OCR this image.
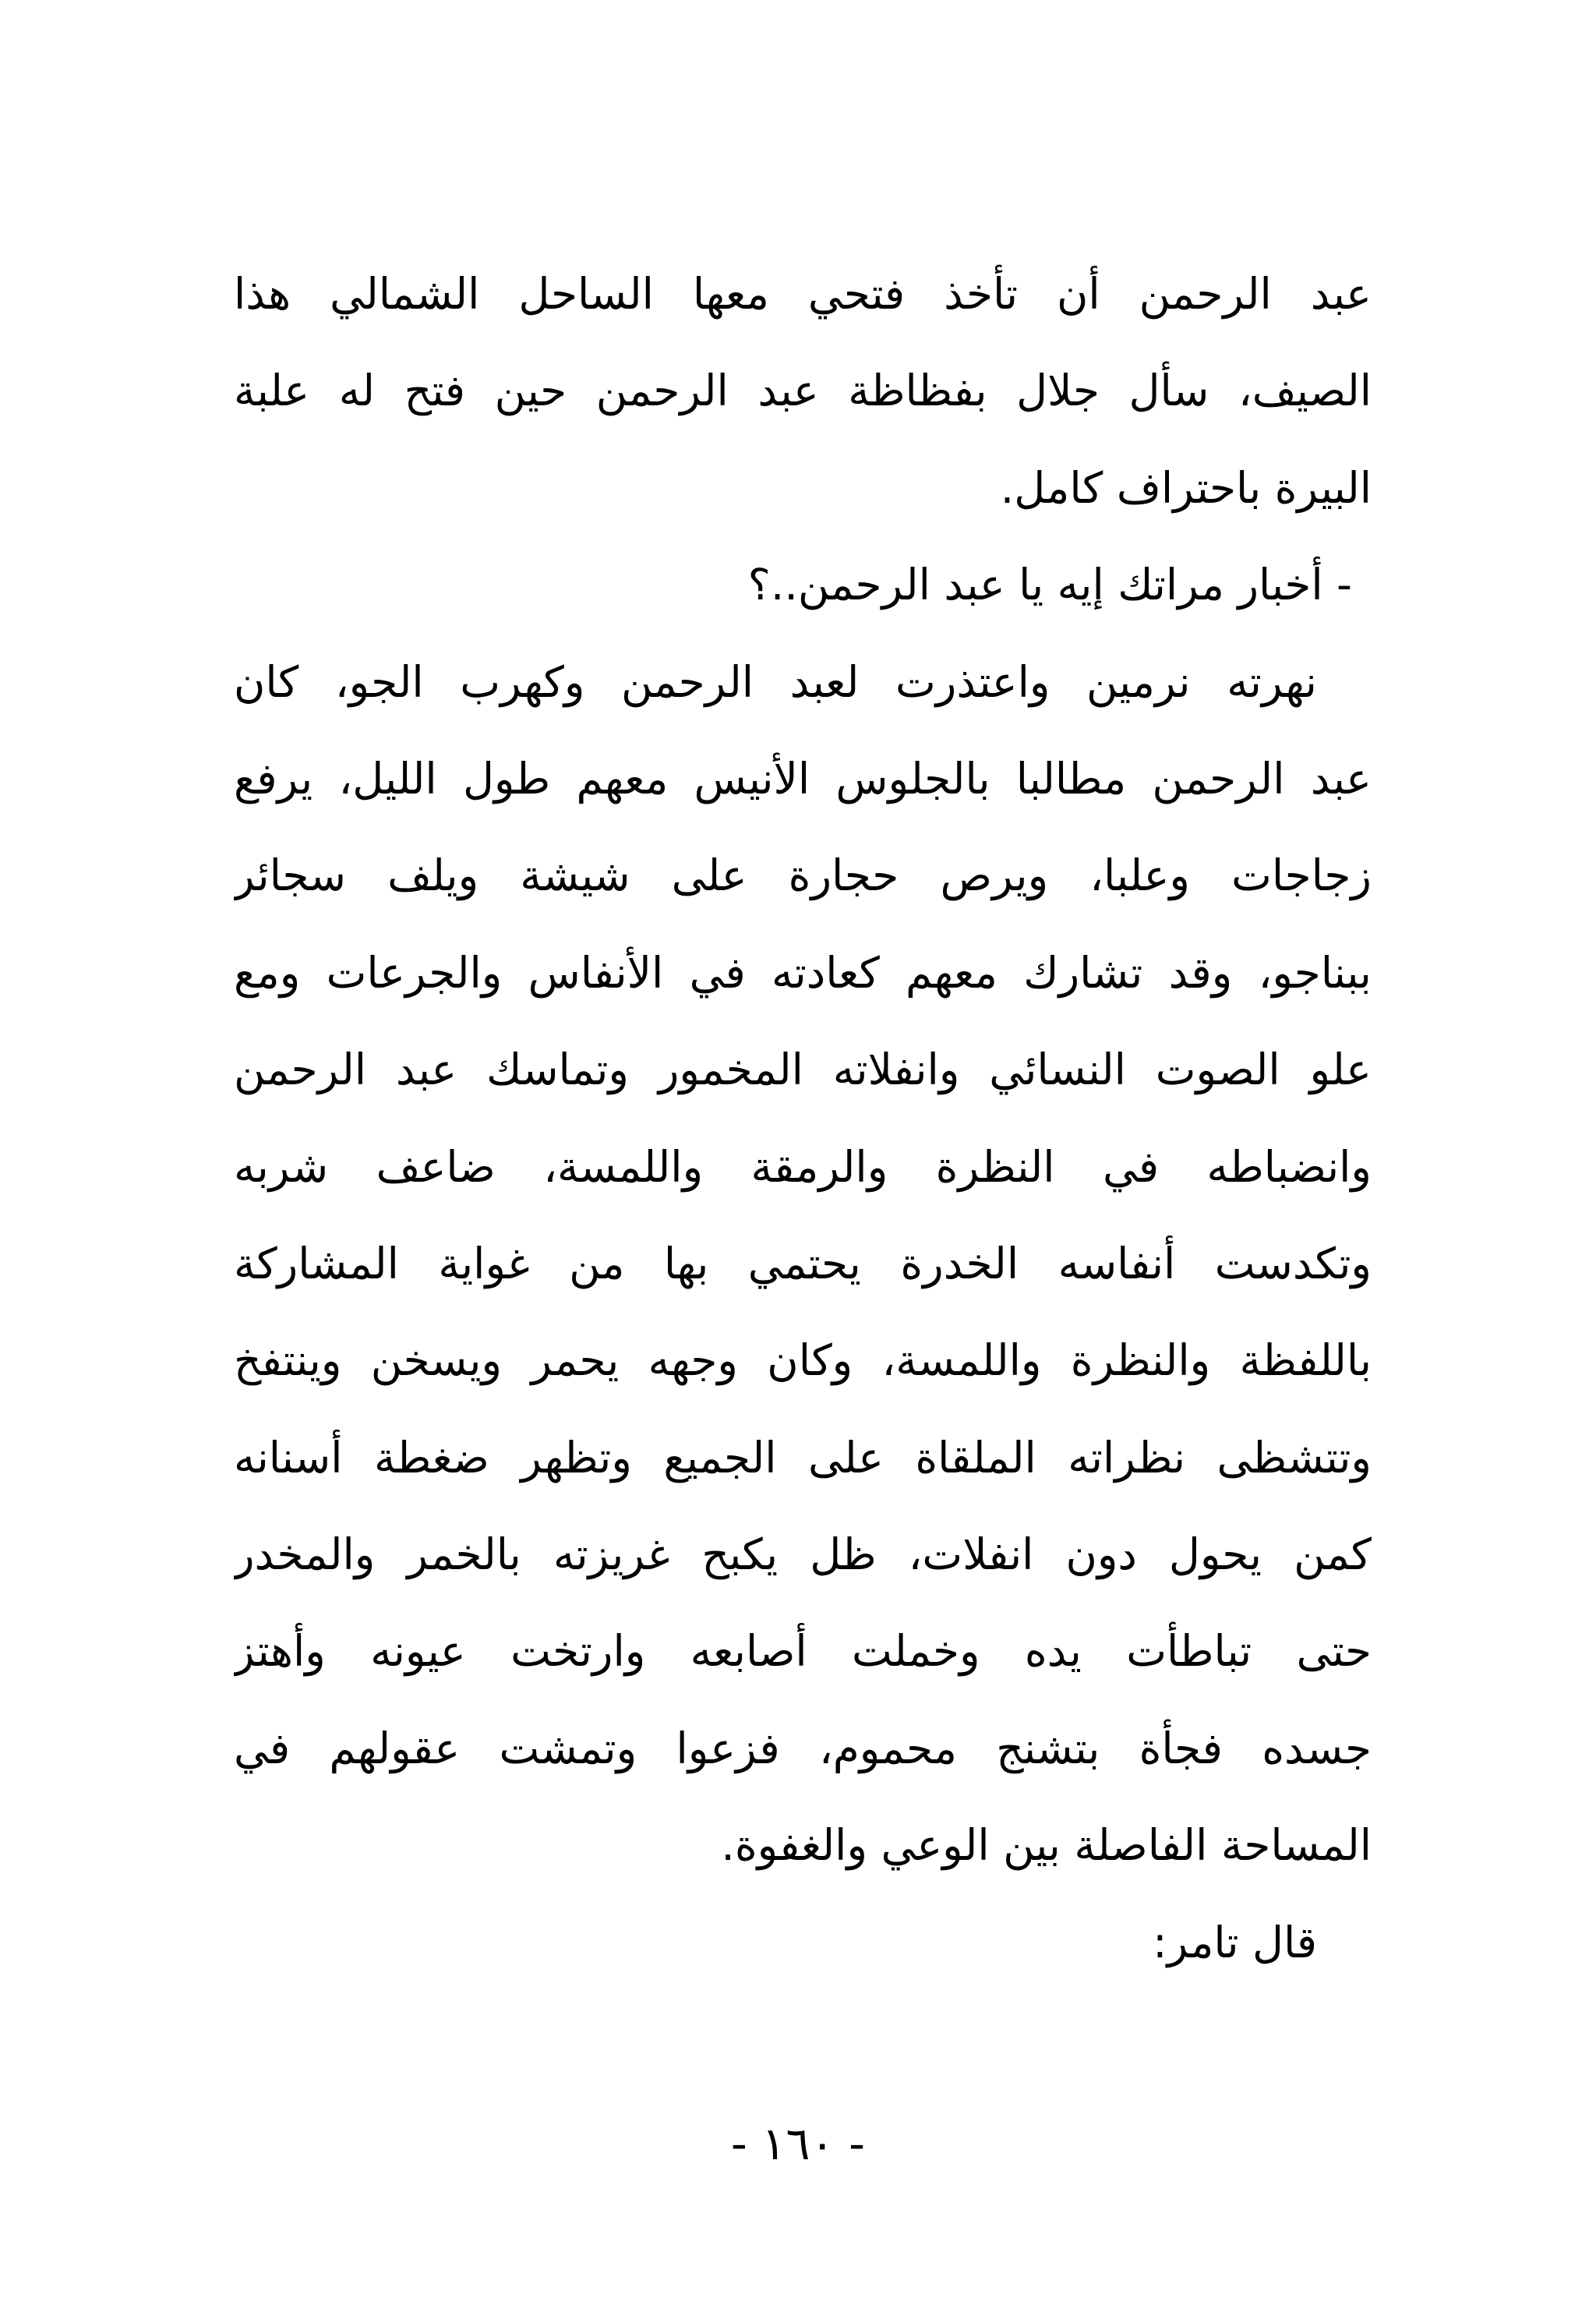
عبد الرحمن أن تأخذ فتحي معها الساحل الشمالي هذا
الصيف، سأل جلال بفظاظة عبد الرحمن حين فتح له علبة
البيرة باحتراف كامل.
- أخبار مراتك إيه يا عبد الرحمن..؟
نهرته نرمين واعتذرت لعبد الرحمن وكهرب الجو، كان
عبد الرحمن مطالبا بالجلوس الأنيس معهم طول الليل، يرفع
زجاجات وعلبا، ويرص حجارة على شيشة ويلف سجائر
ببناجو، وقد تشارك معهم كعادته في الأنفاس والجرعات ومع
علو الصوت النسائي وانفلاته المخمور وتماسك عبد الرحمن
وانضباطه في النظرة والرمقة واللمسة، ضاعف شربه
وتكدست أنفاسه الخدرة يحتمي بها من غواية المشاركة
باللفظة والنظرة واللمسة، وكان وجهه يحمر ويسخن وينتفخ
وتتشظى نظراته الملقاة على الجميع وتظهر ضغطة أسنانه
كمن يحول دون انفلات، ظل يكبح غريزته بالخمر والمخدر
حتى تباطأت يده وخملت أصابعه وارتخت عيونه وأهتز
جسده فجأة بتشنج محموم، فزعوا وتمشت عقولهم في
المساحة الفاصلة بين الوعي والغفوة.
قال تامر:
- ١٦٠ -
